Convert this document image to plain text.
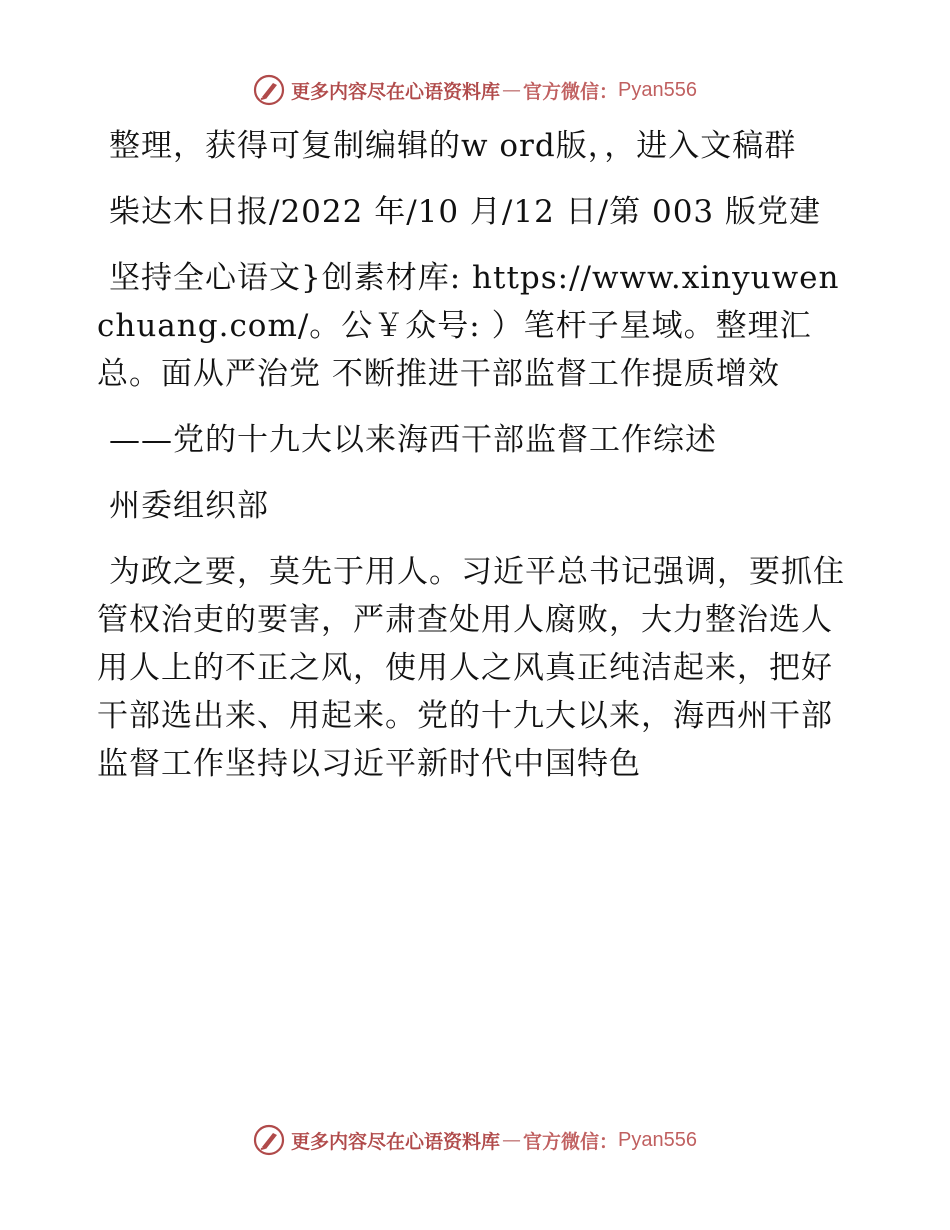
更多内容尽在心语资料库 — 官方微信： Pyan556

整理，获得可复制编辑的w ord版，，进入文稿群

柴达木日报/2022 年/10 月/12 日/第 003 版党建

坚持全心语文}创素材库: https://www.xinyuwenchuang.com/。公￥众号: ）笔杆子星域。整理汇总。面从严治党 不断推进干部监督工作提质增效

——党的十九大以来海西干部监督工作综述

州委组织部

为政之要，莫先于用人。习近平总书记强调，要抓住管权治吏的要害，严肃查处用人腐败，大力整治选人用人上的不正之风，使用人之风真正纯洁起来，把好干部选出来、用起来。党的十九大以来，海西州干部监督工作坚持以习近平新时代中国特色

更多内容尽在心语资料库 — 官方微信： Pyan556
